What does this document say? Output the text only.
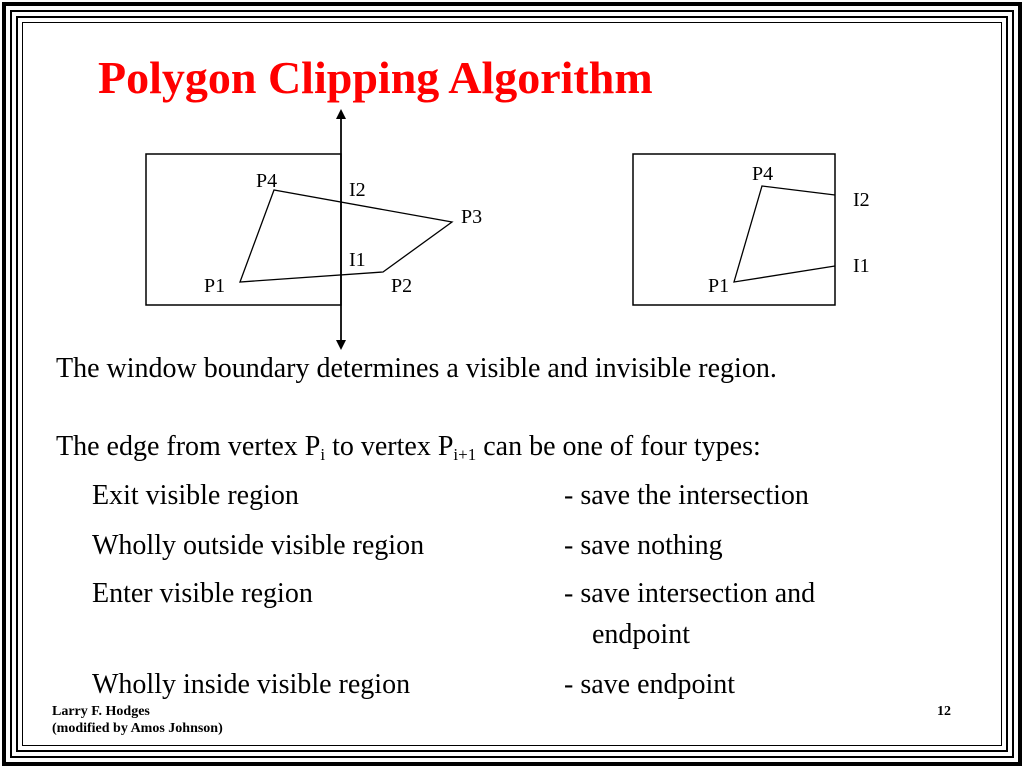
Polygon Clipping Algorithm
P4	I2
P3
I1
P1	P2
P4
I2
I1
P1
The window boundary determines a visible and invisible region.
The edge from vertex $P_i$ to vertex $P_{i+1}$ can be one of four types:
Exit visible region	- save the intersection
Wholly outside visible region	- save nothing
Enter visible region	- save intersection and
endpoint
Wholly inside visible region	- save endpoint
Larry F. Hodges
(modified by Amos Johnson)
12
